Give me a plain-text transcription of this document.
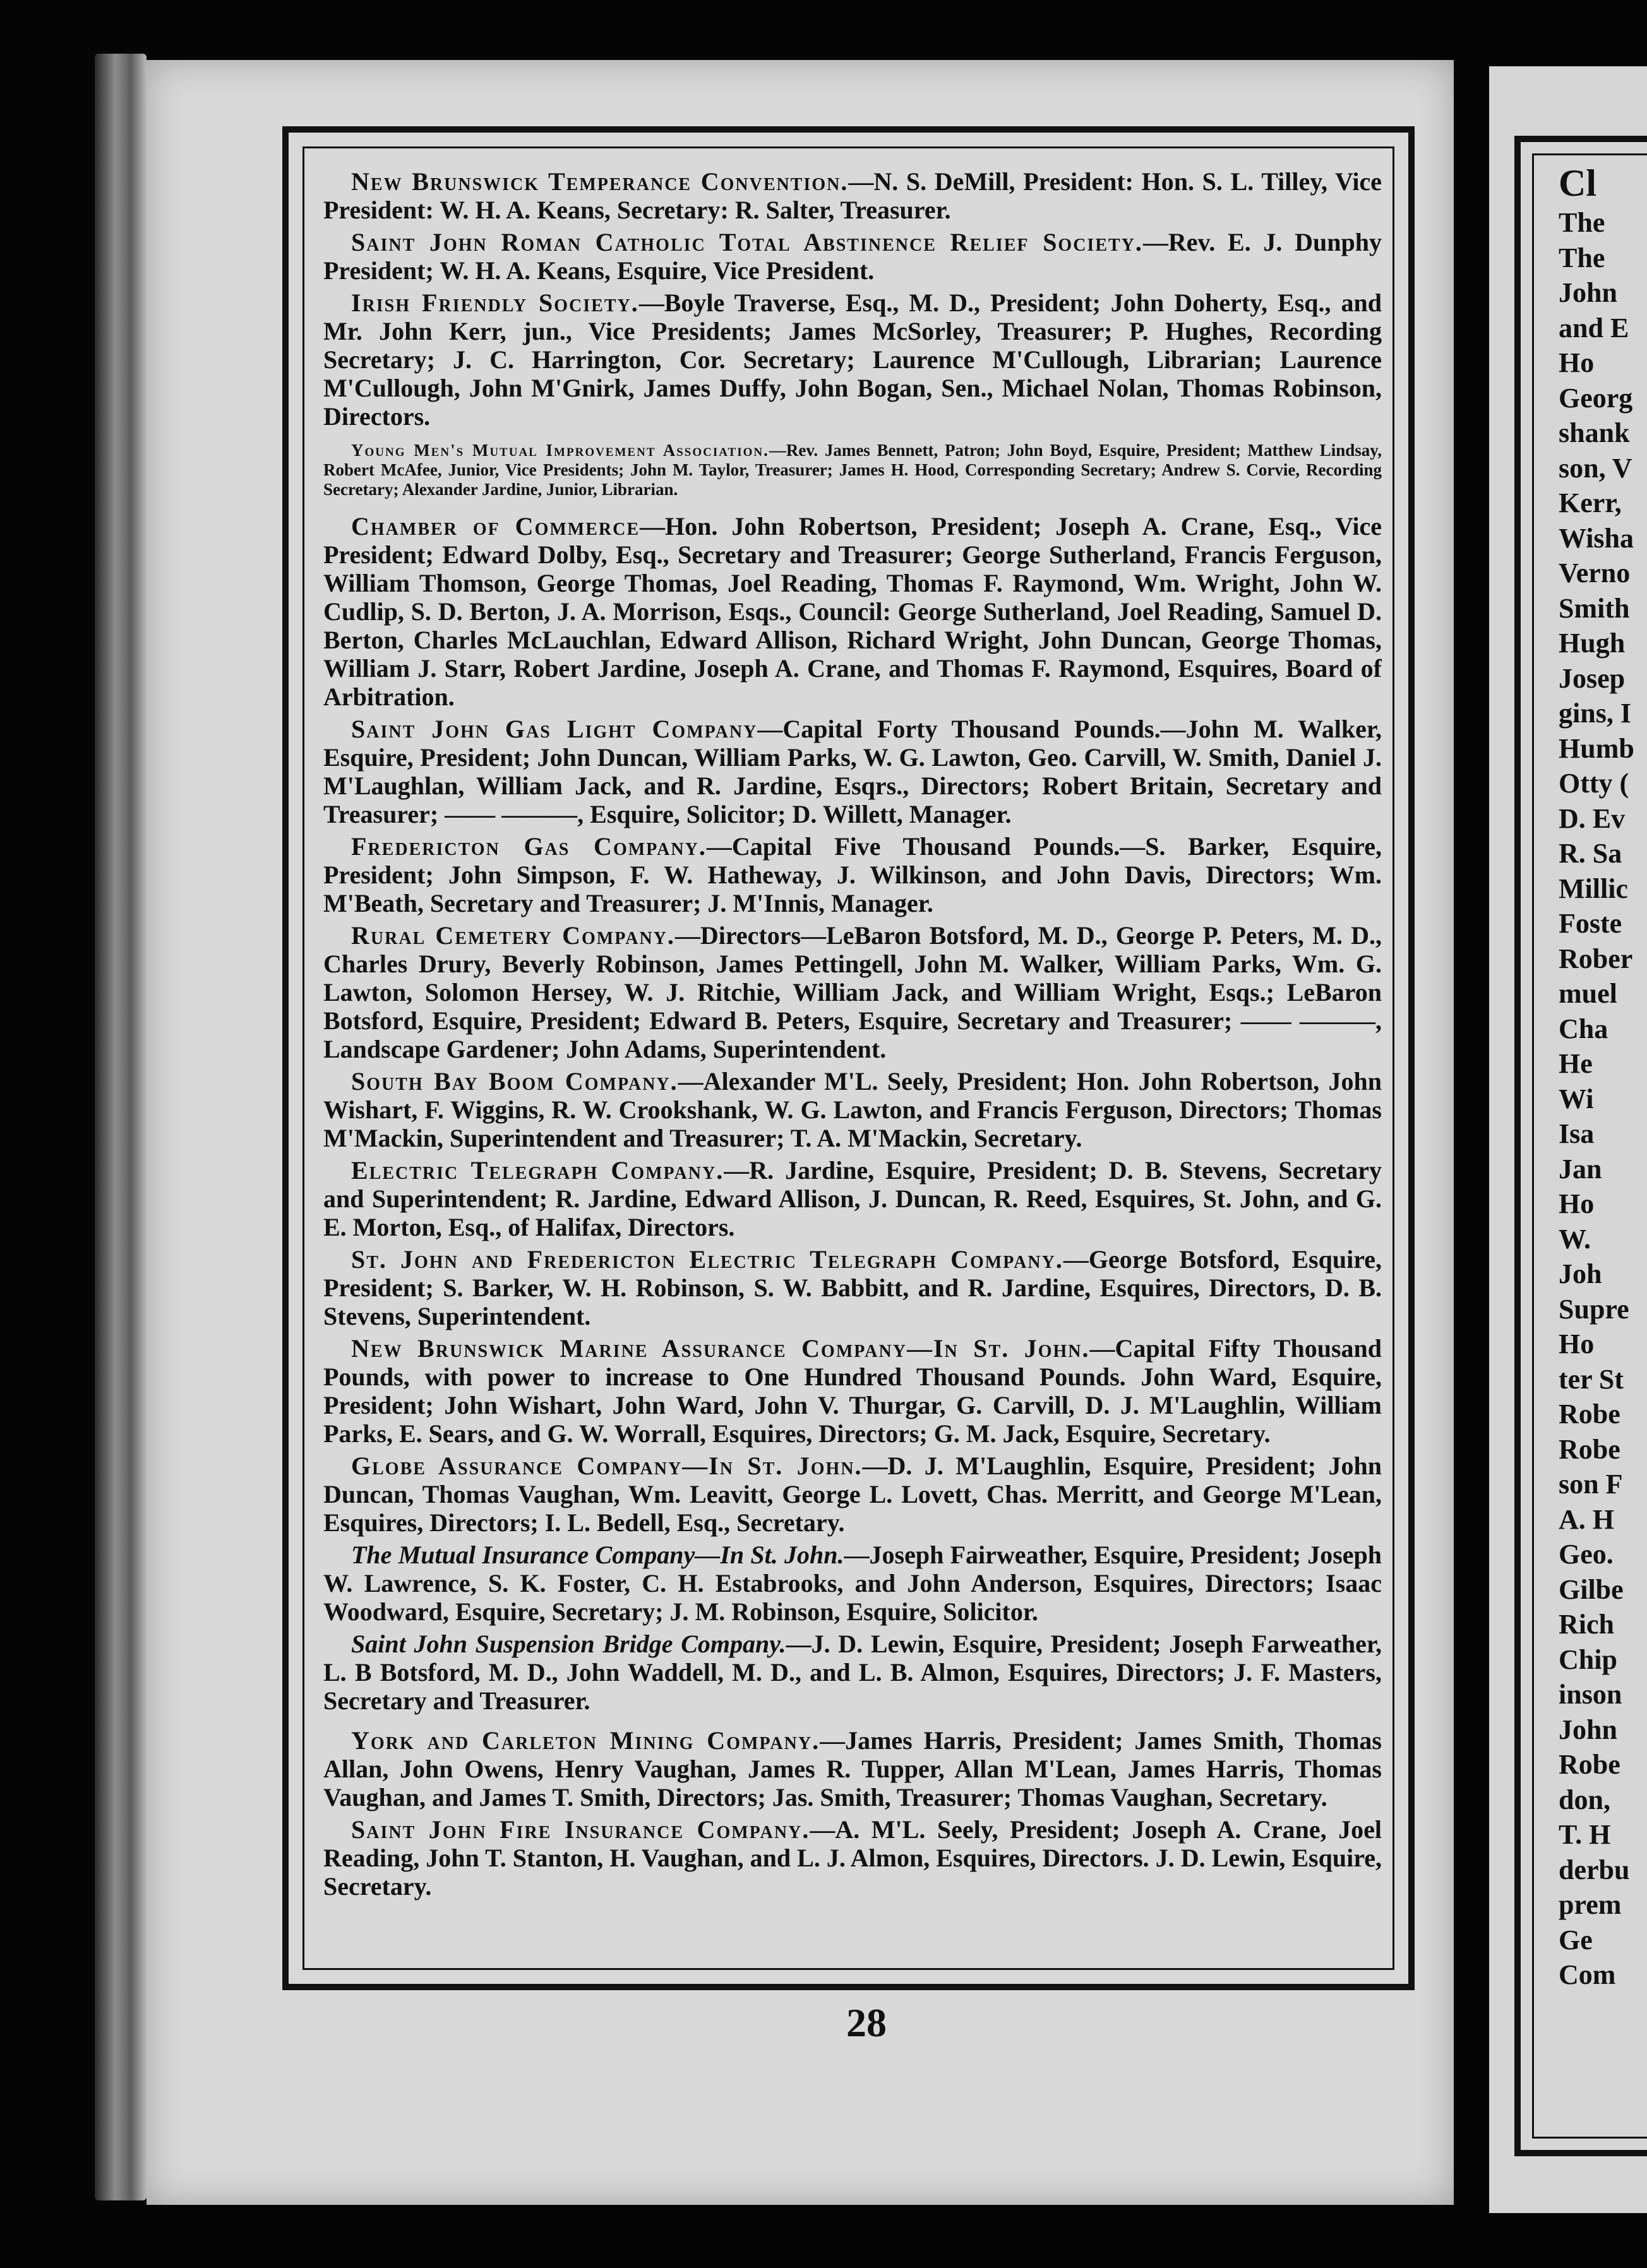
New Brunswick Temperance Convention.—N. S. DeMill, President: Hon. S. L. Tilley, Vice President: W. H. A. Keans, Secretary: R. Salter, Treasurer.

Saint John Roman Catholic Total Abstinence Relief Society.—Rev. E. J. Dunphy President; W. H. A. Keans, Esquire, Vice President.

Irish Friendly Society.—Boyle Traverse, Esq., M. D., President; John Doherty, Esq., and Mr. John Kerr, jun., Vice Presidents; James McSorley, Treasurer; P. Hughes, Recording Secretary; J. C. Harrington, Cor. Secretary; Laurence M'Cullough, Librarian; Laurence M'Cullough, John M'Gnirk, James Duffy, John Bogan, Sen., Michael Nolan, Thomas Robinson, Directors.

Young Men's Mutual Improvement Association.—Rev. James Bennett, Patron; John Boyd, Esquire, President; Matthew Lindsay, Robert McAfee, Junior, Vice Presidents; John M. Taylor, Treasurer; James H. Hood, Corresponding Secretary; Andrew S. Corvie, Recording Secretary; Alexander Jardine, Junior, Librarian.

Chamber of Commerce—Hon. John Robertson, President; Joseph A. Crane, Esq., Vice President; Edward Dolby, Esq., Secretary and Treasurer; George Sutherland, Francis Ferguson, William Thomson, George Thomas, Joel Reading, Thomas F. Raymond, Wm. Wright, John W. Cudlip, S. D. Berton, J. A. Morrison, Esqs., Council: George Sutherland, Joel Reading, Samuel D. Berton, Charles McLauchlan, Edward Allison, Richard Wright, John Duncan, George Thomas, William J. Starr, Robert Jardine, Joseph A. Crane, and Thomas F. Raymond, Esquires, Board of Arbitration.

Saint John Gas Light Company—Capital Forty Thousand Pounds.—John M. Walker, Esquire, President; John Duncan, William Parks, W. G. Lawton, Geo. Carvill, W. Smith, Daniel J. M'Laughlan, William Jack, and R. Jardine, Esqrs., Directors; Robert Britain, Secretary and Treasurer; —— ———, Esquire, Solicitor; D. Willett, Manager.

Fredericton Gas Company.—Capital Five Thousand Pounds.—S. Barker, Esquire, President; John Simpson, F. W. Hatheway, J. Wilkinson, and John Davis, Directors; Wm. M'Beath, Secretary and Treasurer; J. M'Innis, Manager.

Rural Cemetery Company.—Directors—LeBaron Botsford, M. D., George P. Peters, M. D., Charles Drury, Beverly Robinson, James Pettingell, John M. Walker, William Parks, Wm. G. Lawton, Solomon Hersey, W. J. Ritchie, William Jack, and William Wright, Esqs.; LeBaron Botsford, Esquire, President; Edward B. Peters, Esquire, Secretary and Treasurer; —— ———, Landscape Gardener; John Adams, Superintendent.

South Bay Boom Company.—Alexander M'L. Seely, President; Hon. John Robertson, John Wishart, F. Wiggins, R. W. Crookshank, W. G. Lawton, and Francis Ferguson, Directors; Thomas M'Mackin, Superintendent and Treasurer; T. A. M'Mackin, Secretary.

Electric Telegraph Company.—R. Jardine, Esquire, President; D. B. Stevens, Secretary and Superintendent; R. Jardine, Edward Allison, J. Duncan, R. Reed, Esquires, St. John, and G. E. Morton, Esq., of Halifax, Directors.

St. John and Fredericton Electric Telegraph Company.—George Botsford, Esquire, President; S. Barker, W. H. Robinson, S. W. Babbitt, and R. Jardine, Esquires, Directors, D. B. Stevens, Superintendent.

New Brunswick Marine Assurance Company—In St. John.—Capital Fifty Thousand Pounds, with power to increase to One Hundred Thousand Pounds. John Ward, Esquire, President; John Wishart, John Ward, John V. Thurgar, G. Carvill, D. J. M'Laughlin, William Parks, E. Sears, and G. W. Worrall, Esquires, Directors; G. M. Jack, Esquire, Secretary.

Globe Assurance Company—In St. John.—D. J. M'Laughlin, Esquire, President; John Duncan, Thomas Vaughan, Wm. Leavitt, George L. Lovett, Chas. Merritt, and George M'Lean, Esquires, Directors; I. L. Bedell, Esq., Secretary.

The Mutual Insurance Company—In St. John.—Joseph Fairweather, Esquire, President; Joseph W. Lawrence, S. K. Foster, C. H. Estabrooks, and John Anderson, Esquires, Directors; Isaac Woodward, Esquire, Secretary; J. M. Robinson, Esquire, Solicitor.

Saint John Suspension Bridge Company.—J. D. Lewin, Esquire, President; Joseph Farweather, L. B Botsford, M. D., John Waddell, M. D., and L. B. Almon, Esquires, Directors; J. F. Masters, Secretary and Treasurer.

York and Carleton Mining Company.—James Harris, President; James Smith, Thomas Allan, John Owens, Henry Vaughan, James R. Tupper, Allan M'Lean, James Harris, Thomas Vaughan, and James T. Smith, Directors; Jas. Smith, Treasurer; Thomas Vaughan, Secretary.

Saint John Fire Insurance Company.—A. M'L. Seely, President; Joseph A. Crane, Joel Reading, John T. Stanton, H. Vaughan, and L. J. Almon, Esquires, Directors. J. D. Lewin, Esquire, Secretary.

28
Cl
The
The
John
and E
Ho
Georg
shank
son, V
Kerr,
Wisha
Verno
Smith
Hugh
Josep
gins, I
Humb
Otty (
D. Ev
R. Sa
Millic
Foste
Rober
muel
Cha
He
Wi
Isa
Jan
Ho
W.
Joh
Supre
Ho
ter St
Robe
Robe
son F
A. H
Geo.
Gilbe
Rich
Chip
inson
John
Robe
don,
T. H
derbu
prem
Ge
Com
